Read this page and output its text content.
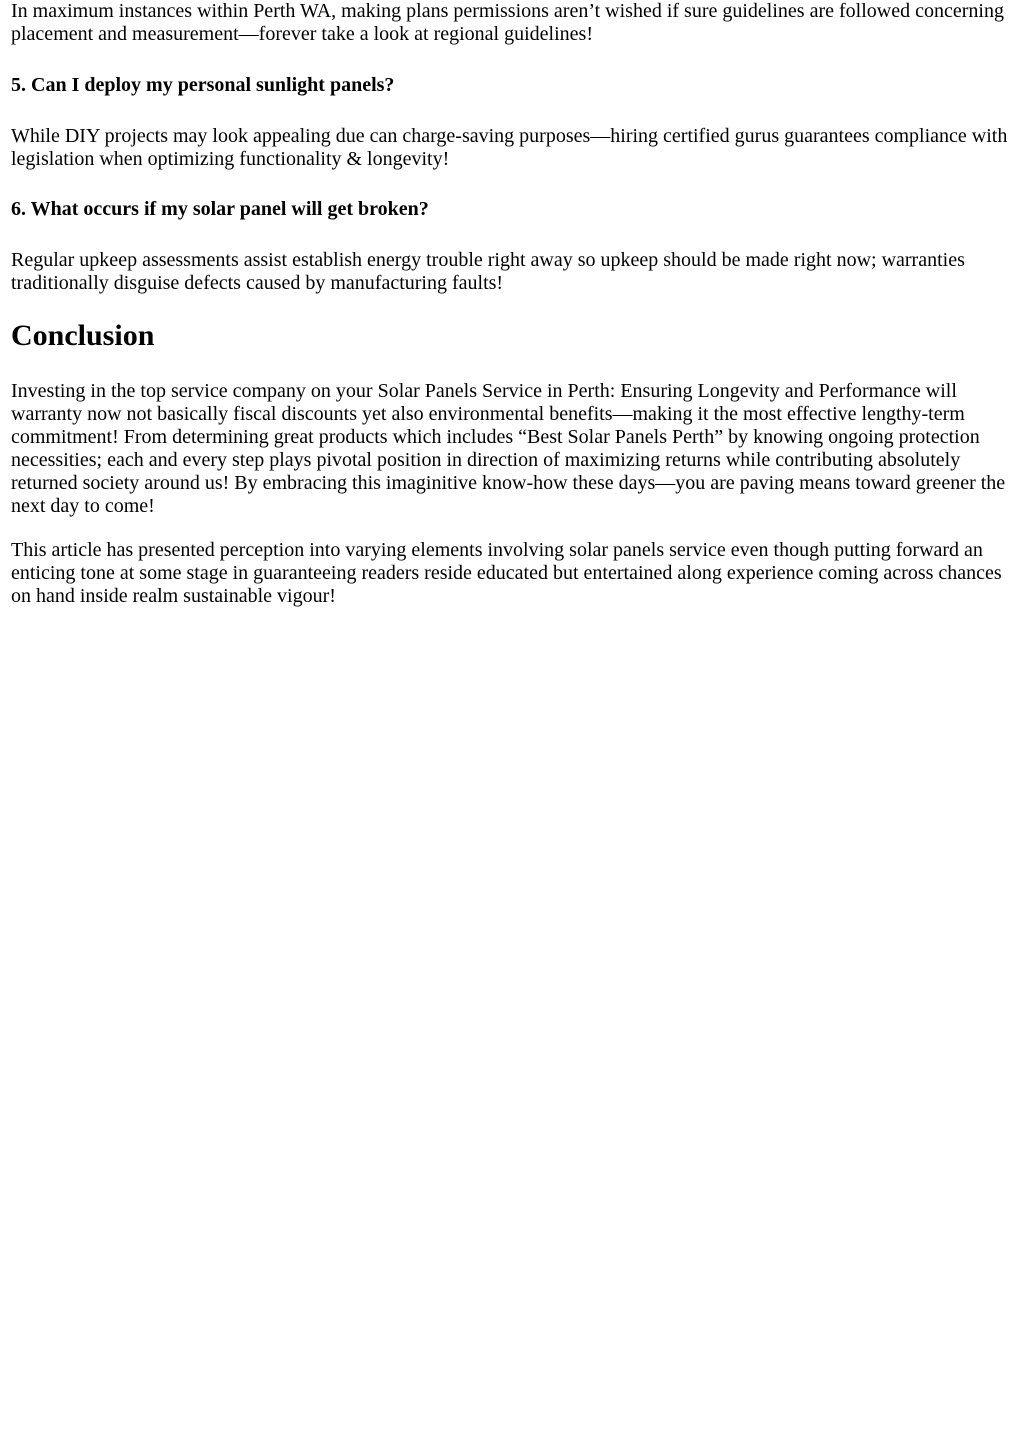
In maximum instances within Perth WA, making plans permissions aren’t wished if sure guidelines are followed concerning placement and measurement—forever take a look at regional guidelines!

5. Can I deploy my personal sunlight panels?

While DIY projects may look appealing due can charge-saving purposes—hiring certified gurus guarantees compliance with legislation when optimizing functionality & longevity!

6. What occurs if my solar panel will get broken?

Regular upkeep assessments assist establish energy trouble right away so upkeep should be made right now; warranties traditionally disguise defects caused by manufacturing faults!

Conclusion

Investing in the top service company on your Solar Panels Service in Perth: Ensuring Longevity and Performance will warranty now not basically fiscal discounts yet also environmental benefits—making it the most effective lengthy-term commitment! From determining great products which includes “Best Solar Panels Perth” by knowing ongoing protection necessities; each and every step plays pivotal position in direction of maximizing returns while contributing absolutely returned society around us! By embracing this imaginitive know-how these days—you are paving means toward greener the next day to come!

This article has presented perception into varying elements involving solar panels service even though putting forward an enticing tone at some stage in guaranteeing readers reside educated but entertained along experience coming across chances on hand inside realm sustainable vigour!
